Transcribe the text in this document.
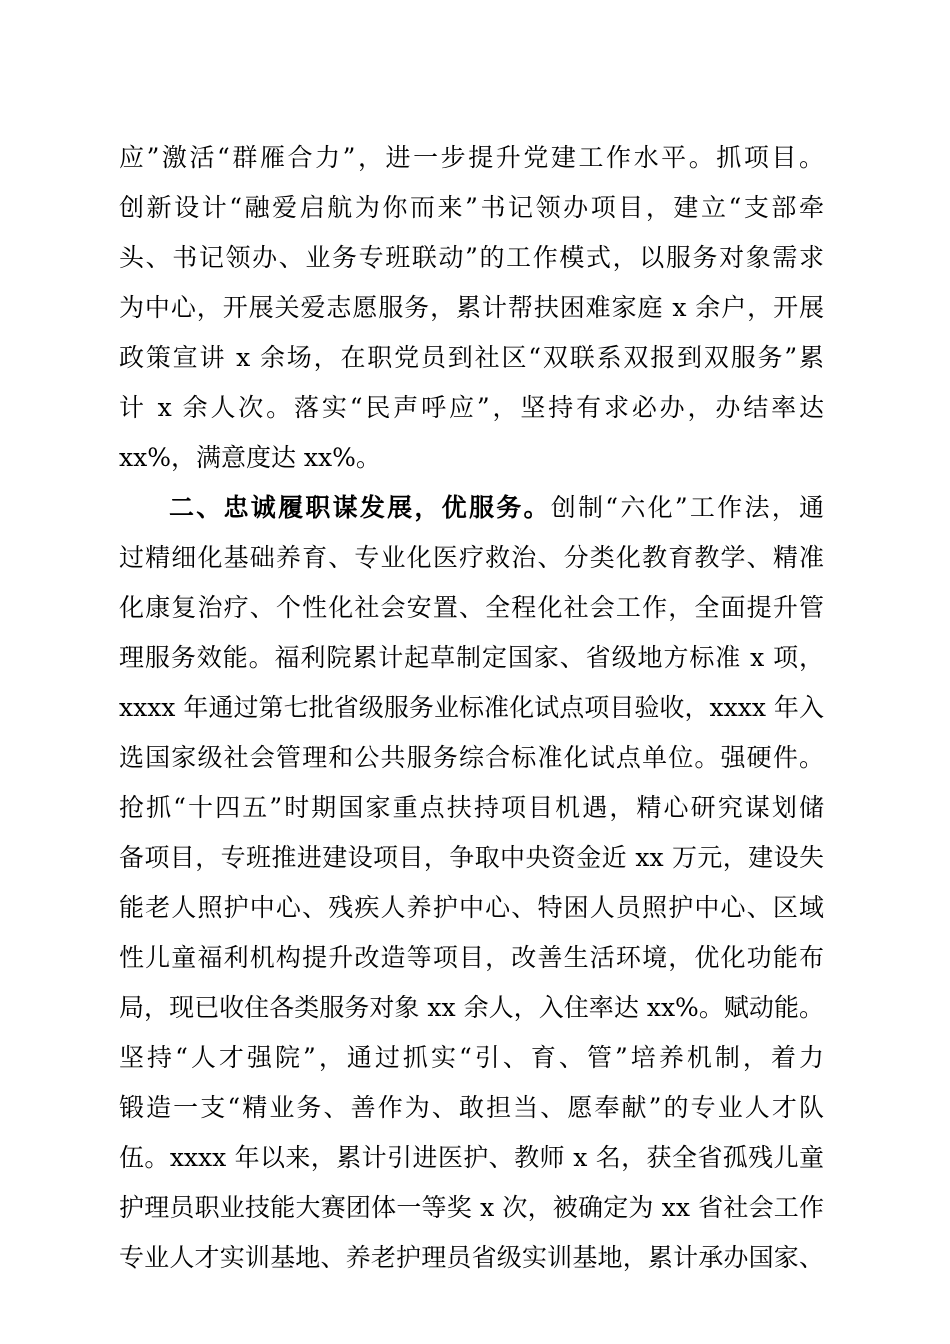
应”激活“群雁合力”，进一步提升党建工作水平。抓项目。
创新设计“融爱启航为你而来”书记领办项目，建立“支部牵
头、书记领办、业务专班联动”的工作模式，以服务对象需求
为中心，开展关爱志愿服务，累计帮扶困难家庭 x 余户，开展
政策宣讲 x 余场，在职党员到社区“双联系双报到双服务”累
计 x 余人次。落实“民声呼应”，坚持有求必办，办结率达
xx%，满意度达 xx%。
二、忠诚履职谋发展，优服务。创制“六化”工作法，通
过精细化基础养育、专业化医疗救治、分类化教育教学、精准
化康复治疗、个性化社会安置、全程化社会工作，全面提升管
理服务效能。福利院累计起草制定国家、省级地方标准 x 项，
xxxx 年通过第七批省级服务业标准化试点项目验收，xxxx 年入
选国家级社会管理和公共服务综合标准化试点单位。强硬件。
抢抓“十四五”时期国家重点扶持项目机遇，精心研究谋划储
备项目，专班推进建设项目，争取中央资金近 xx 万元，建设失
能老人照护中心、残疾人养护中心、特困人员照护中心、区域
性儿童福利机构提升改造等项目，改善生活环境，优化功能布
局，现已收住各类服务对象 xx 余人，入住率达 xx%。赋动能。
坚持“人才强院”，通过抓实“引、育、管”培养机制，着力
锻造一支“精业务、善作为、敢担当、愿奉献”的专业人才队
伍。xxxx 年以来，累计引进医护、教师 x 名，获全省孤残儿童
护理员职业技能大赛团体一等奖 x 次，被确定为 xx 省社会工作
专业人才实训基地、养老护理员省级实训基地，累计承办国家、
